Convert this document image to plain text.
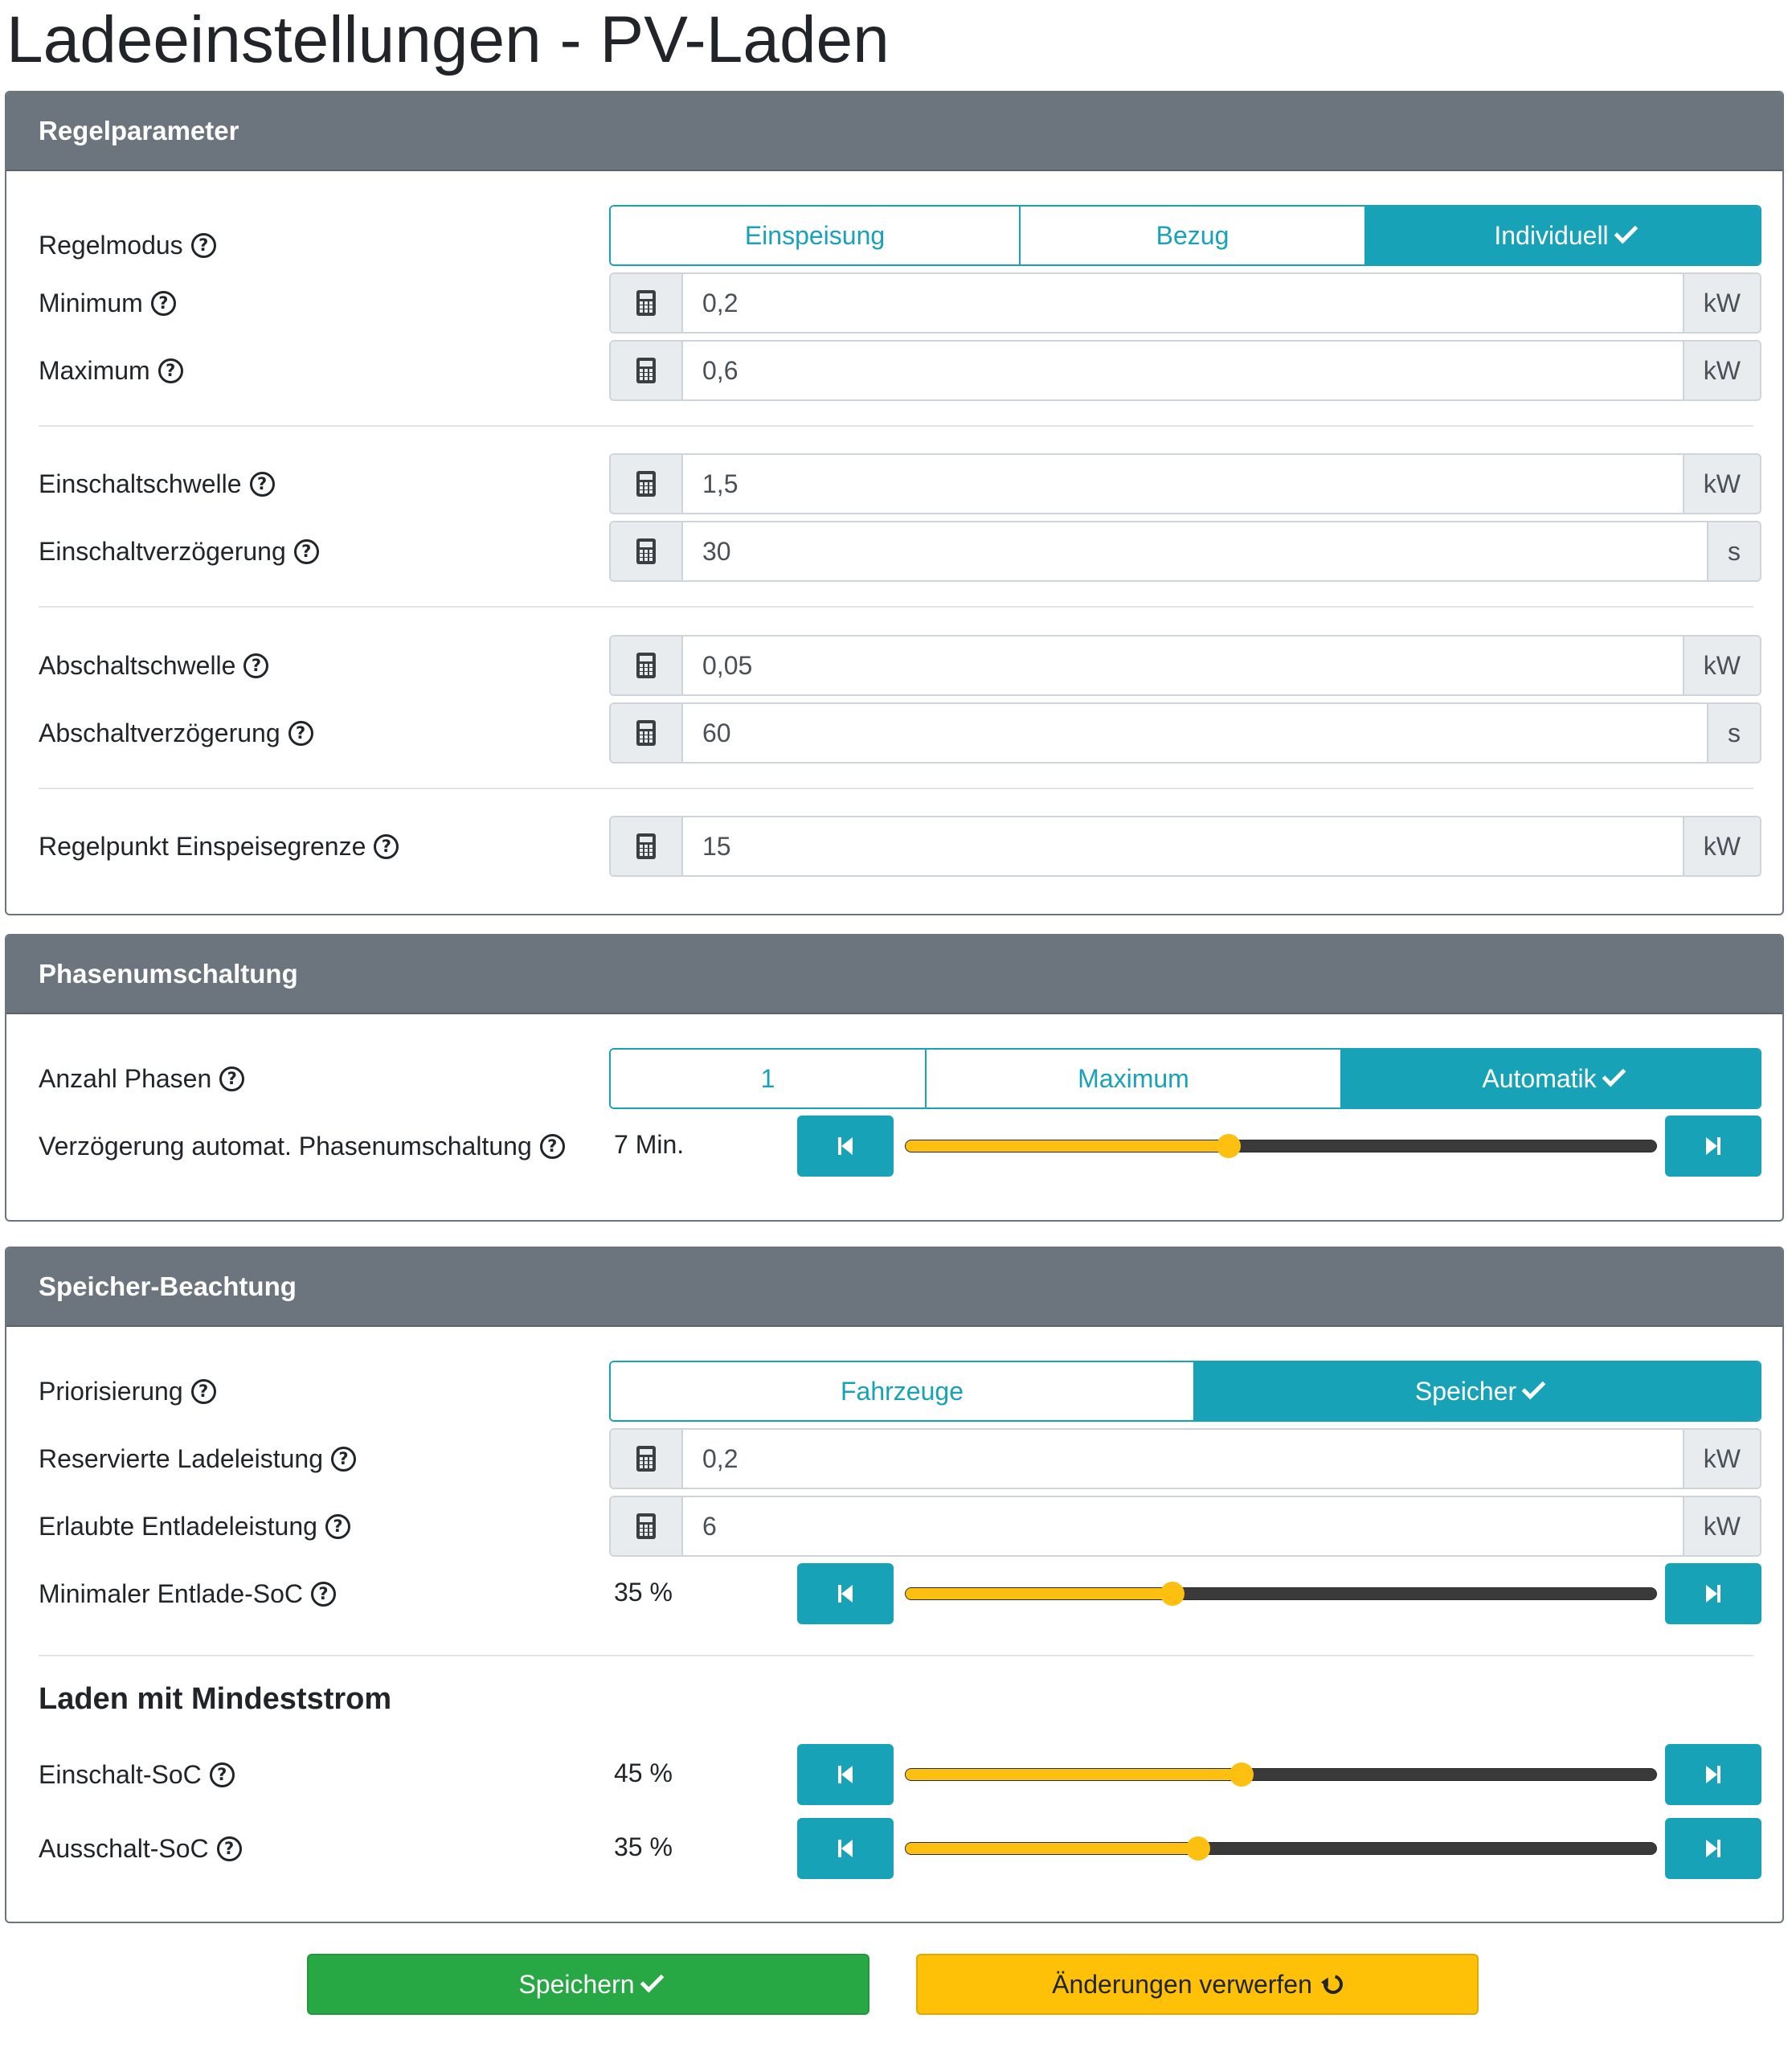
Ladeeinstellungen - PV-Laden
Regelparameter
Regelmodus ?	Einspeisung	Bezug	Individuell
Minimum ?	0,2	kW
Maximum ?	0,6	kW
Einschaltschwelle ?	1,5	kW
Einschaltverzögerung ?	30	s
Abschaltschwelle ?	0,05	kW
Abschaltverzögerung ?	60	s
Regelpunkt Einspeisegrenze ?	15	kW
Phasenumschaltung
Anzahl Phasen ?	1	Maximum	Automatik
Verzögerung automat. Phasenumschaltung ? 7 Min.
Speicher-Beachtung
Priorisierung ?	Fahrzeuge	Speicher
Reservierte Ladeleistung ?	0,2	kW
Erlaubte Entladeleistung ?	6	kW
Minimaler Entlade-SoC ?	35 %
Laden mit Mindeststrom
Einschalt-SoC ?	45 %
Ausschalt-SoC ?	35 %
Speichern	Änderungen verwerfen
